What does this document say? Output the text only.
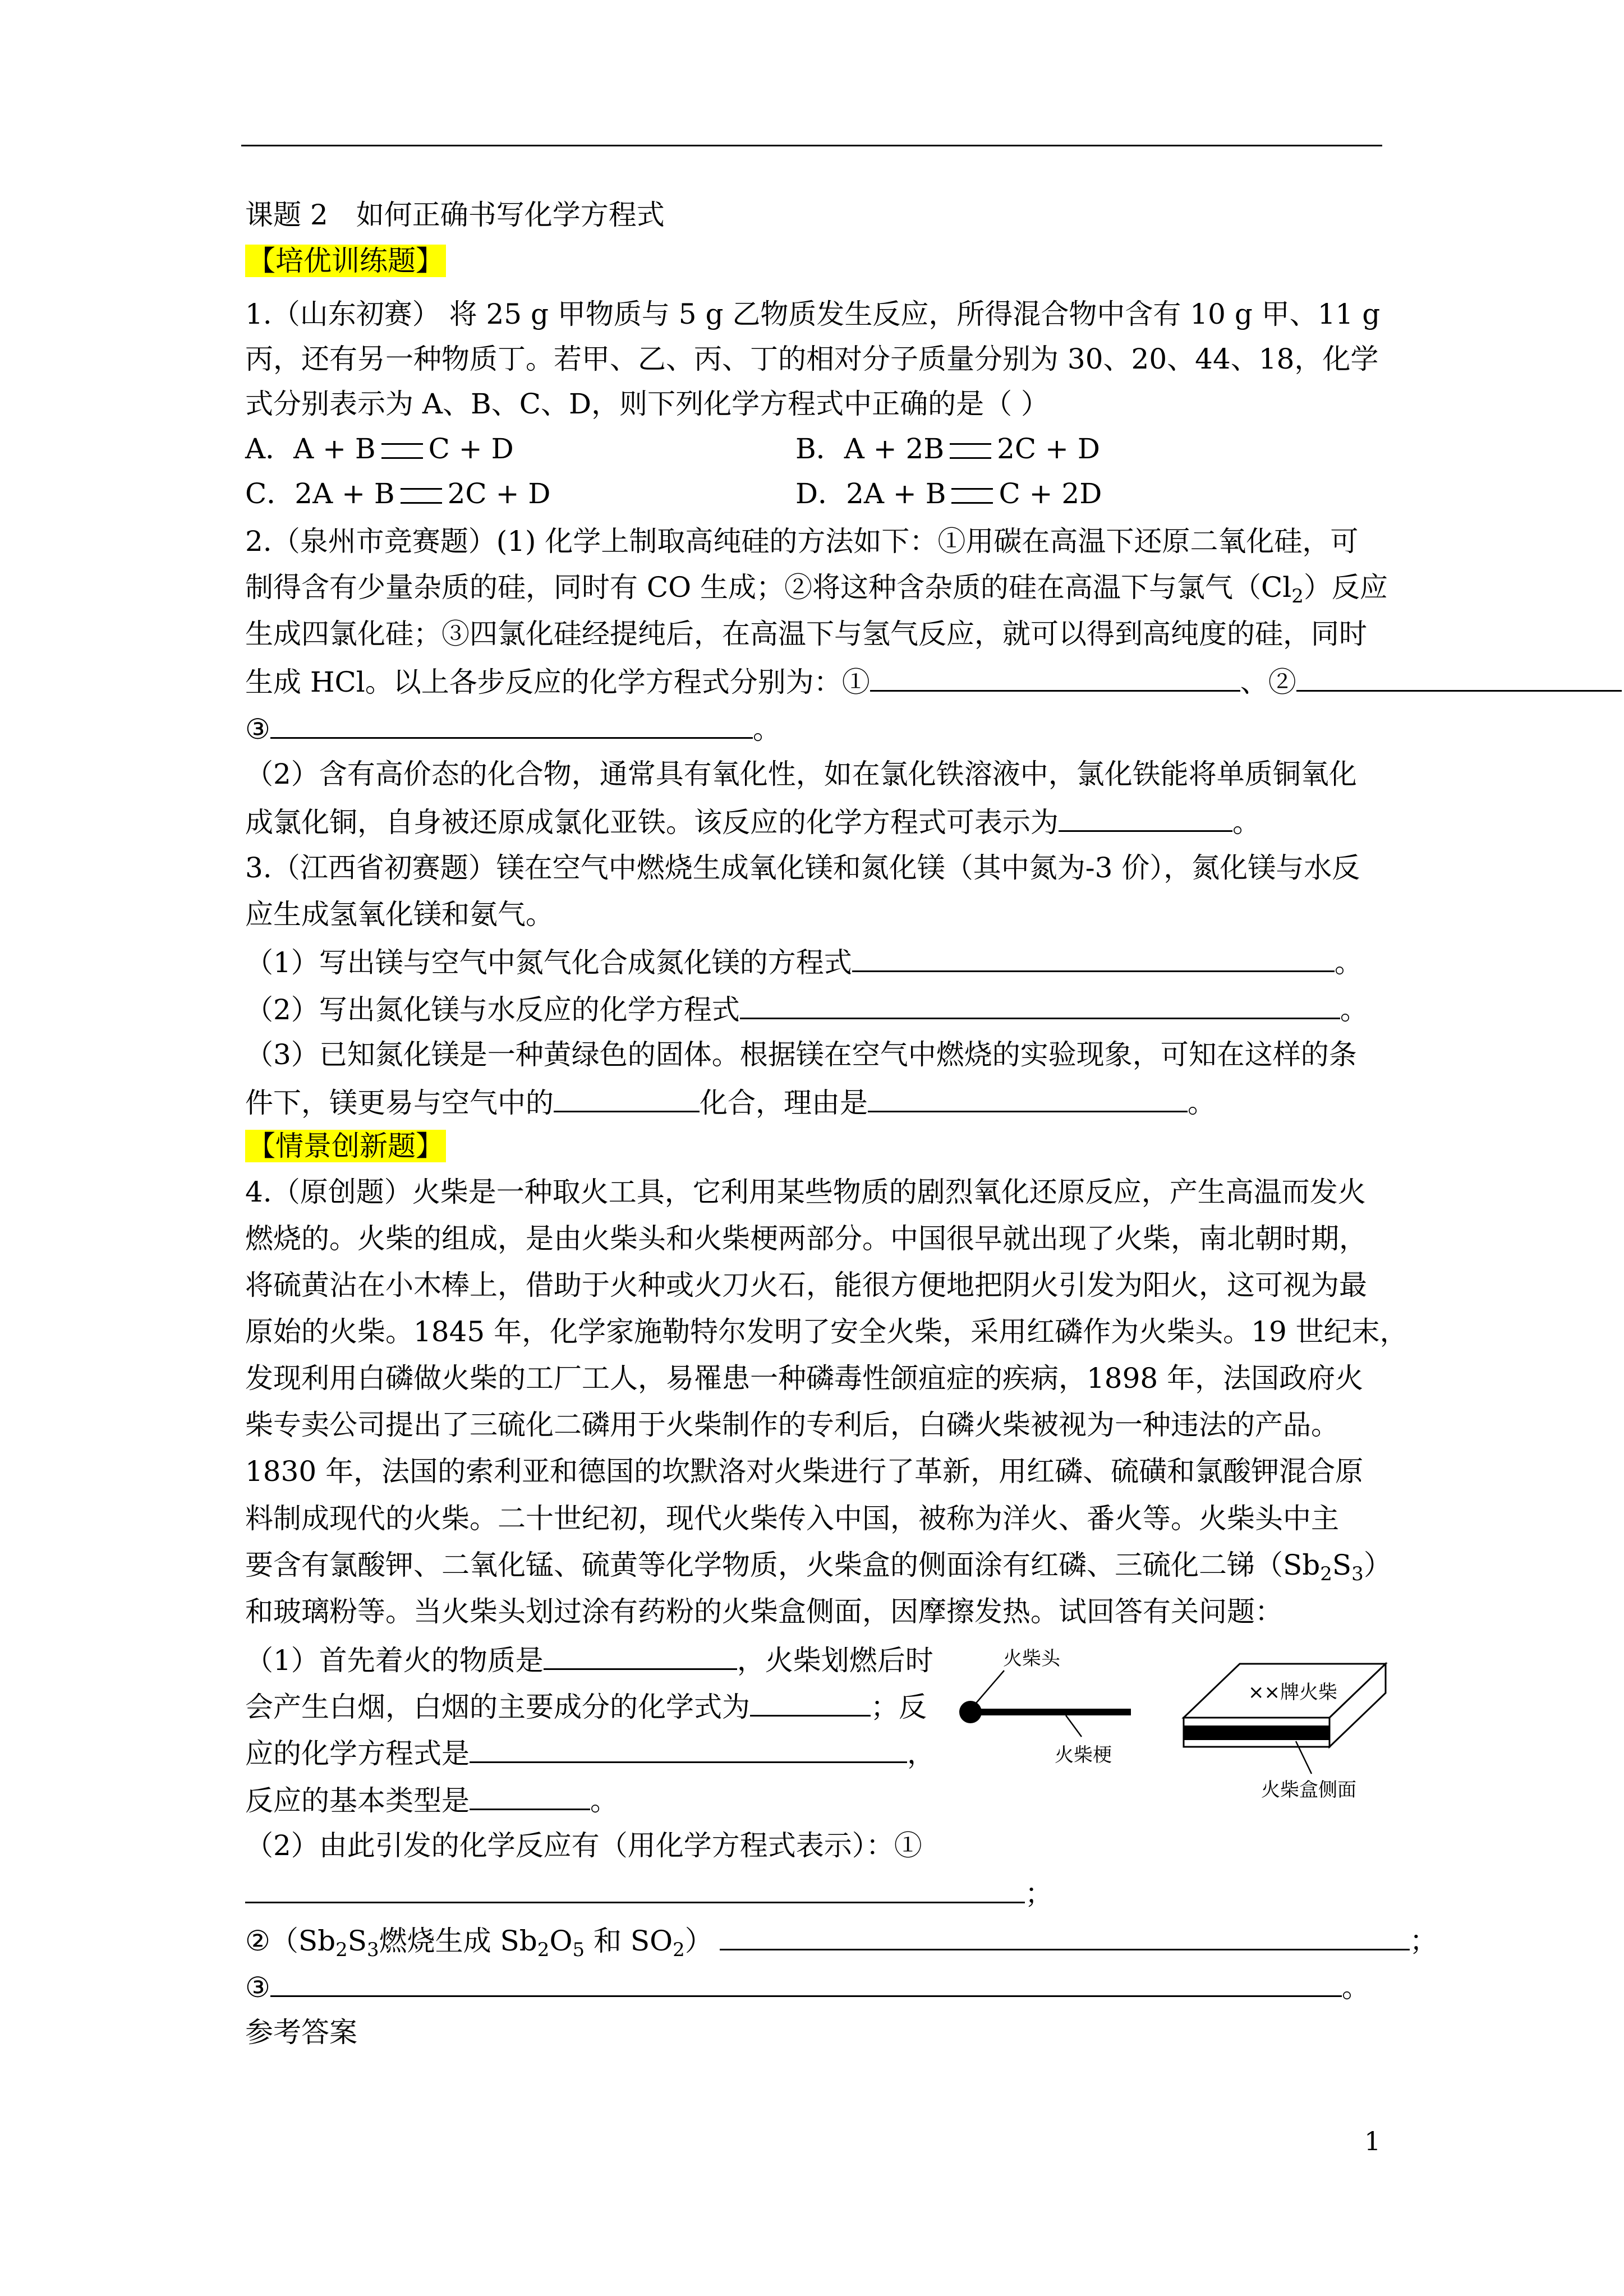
课题 2　如何正确书写化学方程式
【培优训练题】
1.（山东初赛） 将 25 g 甲物质与 5 g 乙物质发生反应，所得混合物中含有 10 g 甲、11 g
丙，还有另一种物质丁。若甲、乙、丙、丁的相对分子质量分别为 30、20、44、18，化学
式分别表示为 A、B、C、D，则下列化学方程式中正确的是（ ）
A．A + B C + D	B．A + 2B 2C + D
C．2A + B 2C + D	D．2A + B C + 2D
2.（泉州市竞赛题）(1) 化学上制取高纯硅的方法如下：①用碳在高温下还原二氧化硅，可
制得含有少量杂质的硅，同时有 CO 生成；②将这种含杂质的硅在高温下与氯气$(Cl_2)$反应
生成四氯化硅；③四氯化硅经提纯后，在高温下与氢气反应，就可以得到高纯度的硅，同时
生成 HCl。以上各步反应的化学方程式分别为：①	、②
③	。
（2）含有高价态的化合物，通常具有氧化性，如在氯化铁溶液中，氯化铁能将单质铜氧化
成氯化铜，自身被还原成氯化亚铁。该反应的化学方程式可表示为	。
3.（江西省初赛题）镁在空气中燃烧生成氧化镁和氮化镁（其中氮为-3 价），氮化镁与水反
应生成氢氧化镁和氨气。
（1）写出镁与空气中氮气化合成氮化镁的方程式	。
（2）写出氮化镁与水反应的化学方程式	。
（3）已知氮化镁是一种黄绿色的固体。根据镁在空气中燃烧的实验现象，可知在这样的条
件下，镁更易与空气中的	化合，理由是	。
【情景创新题】
4.（原创题）火柴是一种取火工具，它利用某些物质的剧烈氧化还原反应，产生高温而发火
燃烧的。火柴的组成，是由火柴头和火柴梗两部分。中国很早就出现了火柴，南北朝时期，
将硫黄沾在小木棒上，借助于火种或火刀火石，能很方便地把阴火引发为阳火，这可视为最
原始的火柴。1845 年，化学家施勒特尔发明了安全火柴，采用红磷作为火柴头。19 世纪末，
发现利用白磷做火柴的工厂工人，易罹患一种磷毒性颌疽症的疾病，1898 年，法国政府火
柴专卖公司提出了三硫化二磷用于火柴制作的专利后，白磷火柴被视为一种违法的产品。
1830 年，法国的索利亚和德国的坎默洛对火柴进行了革新，用红磷、硫磺和氯酸钾混合原
料制成现代的火柴。二十世纪初，现代火柴传入中国，被称为洋火、番火等。火柴头中主
要含有氯酸钾、二氧化锰、硫黄等化学物质，火柴盒的侧面涂有红磷、三硫化二锑$(Sb_2S_3)$
和玻璃粉等。当火柴头划过涂有药粉的火柴盒侧面，因摩擦发热。试回答有关问题：
（1）首先着火的物质是	，火柴划燃后时
会产生白烟，白烟的主要成分的化学式为	；反
应的化学方程式是	，
反应的基本类型是	。
（2）由此引发的化学反应有（用化学方程式表示）：①
；
$②(Sb_2S_3$燃烧生成 $Sb_2O_5$ 和 $SO_2$）	；
③	。
参考答案
火柴头
火柴梗
××牌火柴
火柴盒侧面
1
